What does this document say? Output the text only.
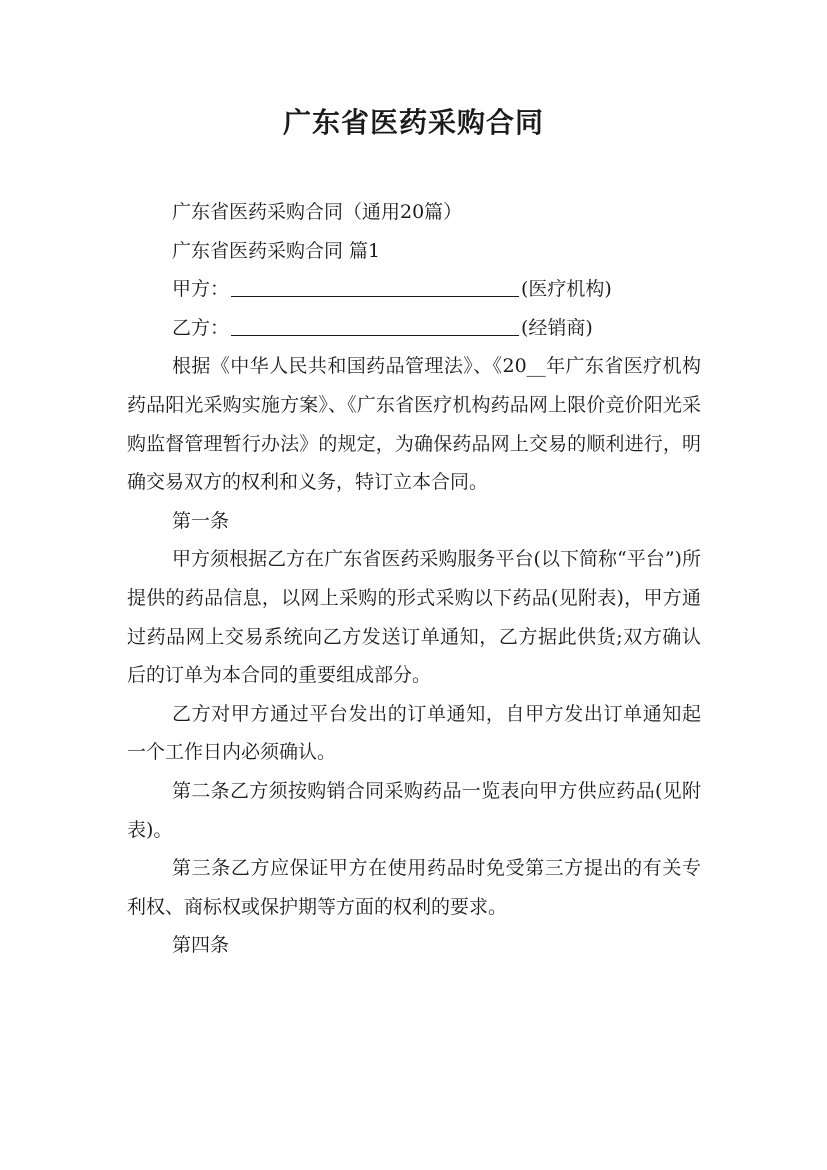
广东省医药采购合同

广东省医药采购合同（通用20篇）

广东省医药采购合同 篇1

甲方：	(医疗机构)

乙方：	(经销商)

根据《中华人民共和国药品管理法》、《20__年广东省医疗机构药品阳光采购实施方案》、《广东省医疗机构药品网上限价竞价阳光采购监督管理暂行办法》的规定，为确保药品网上交易的顺利进行，明确交易双方的权利和义务，特订立本合同。

第一条

甲方须根据乙方在广东省医药采购服务平台(以下简称“平台”)所提供的药品信息，以网上采购的形式采购以下药品(见附表)，甲方通过药品网上交易系统向乙方发送订单通知，乙方据此供货;双方确认后的订单为本合同的重要组成部分。

乙方对甲方通过平台发出的订单通知，自甲方发出订单通知起一个工作日内必须确认。

第二条乙方须按购销合同采购药品一览表向甲方供应药品(见附表)。

第三条乙方应保证甲方在使用药品时免受第三方提出的有关专利权、商标权或保护期等方面的权利的要求。

第四条
